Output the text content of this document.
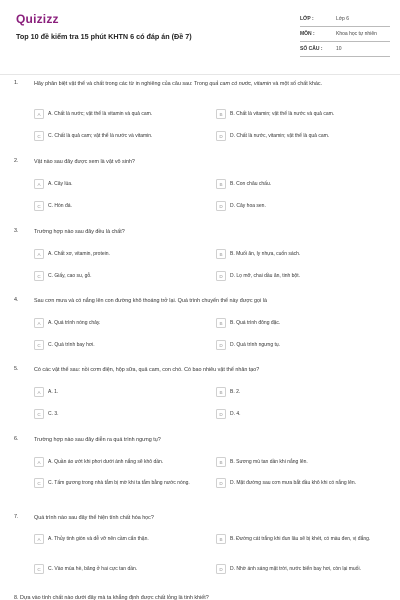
Quizizz
Top 10 đề kiểm tra 15 phút KHTN 6 có đáp án (Đề 7)
LỚP :	Lớp 6
MÔN :	Khoa học tự nhiên
SỐ CÂU :	10
1.	Hãy phân biệt vật thể và chất trong các từ in nghiêng của câu sau: Trong quả cam có nước, vitamin và một số chất khác.
A	A. Chất là nước; vật thể là vitamin và quả cam.	B	B. Chất là vitamin; vật thể là nước và quả cam.
C	C. Chất là quả cam; vật thể là nước và vitamin.	D	D. Chất là nước, vitamin; vật thể là quả cam.
2.	Vật nào sau đây được xem là vật vô sinh?
A	A. Cây lúa.	B	B. Con châu chấu.
C	C. Hòn đá.	D	D. Cây hoa sen.
3.	Trường hợp nào sau đây đều là chất?
A	A. Chất xơ, vitamin, protein.	B	B. Muối ăn, ly nhựa, cuốn sách.
C	C. Giấy, cao su, gỗ.	D	D. Lọ mỡ, chai dầu ăn, tinh bột.
4.	Sau cơn mưa và có nắng lên con đường khô thoáng trở lại. Quá trình chuyển thể này được gọi là
A	A. Quá trình nóng chảy.	B	B. Quá trình đông đặc.
C	C. Quá trình bay hơi.	D	D. Quá trình ngưng tụ.
5.	Có các vật thể sau: nồi cơm điện, hộp sữa, quả cam, con chó. Có bao nhiêu vật thể nhân tạo?
A	A. 1.	B	B. 2.
C	C. 3.	D	D. 4.
6.	Trường hợp nào sau đây diễn ra quá trình ngưng tụ?
A	A. Quần áo ướt khi phơi dưới ánh nắng sẽ khô dần.	B	B. Sương mù tan dần khi nắng lên.
C	C. Tấm gương trong nhà tắm bị mờ khi ta tắm bằng nước nóng.	D	D. Mặt đường sau cơn mưa bắt đầu khô khi có nắng lên.
7.	Quá trình nào sau đây thể hiện tính chất hóa học?
A	A. Thủy tinh giòn và dễ vỡ nên cầm cẩn thận.	B	B. Đường cát trắng khi đun lâu sẽ bị khét, có màu đen, vị đắng.
C	C. Vào mùa hè, băng ở hai cực tan dần.	D	D. Nhờ ánh sáng mặt trời, nước biển bay hơi, còn lại muối.
8. Dựa vào tính chất nào dưới đây mà ta khẳng định được chất lỏng là tinh khiết?
